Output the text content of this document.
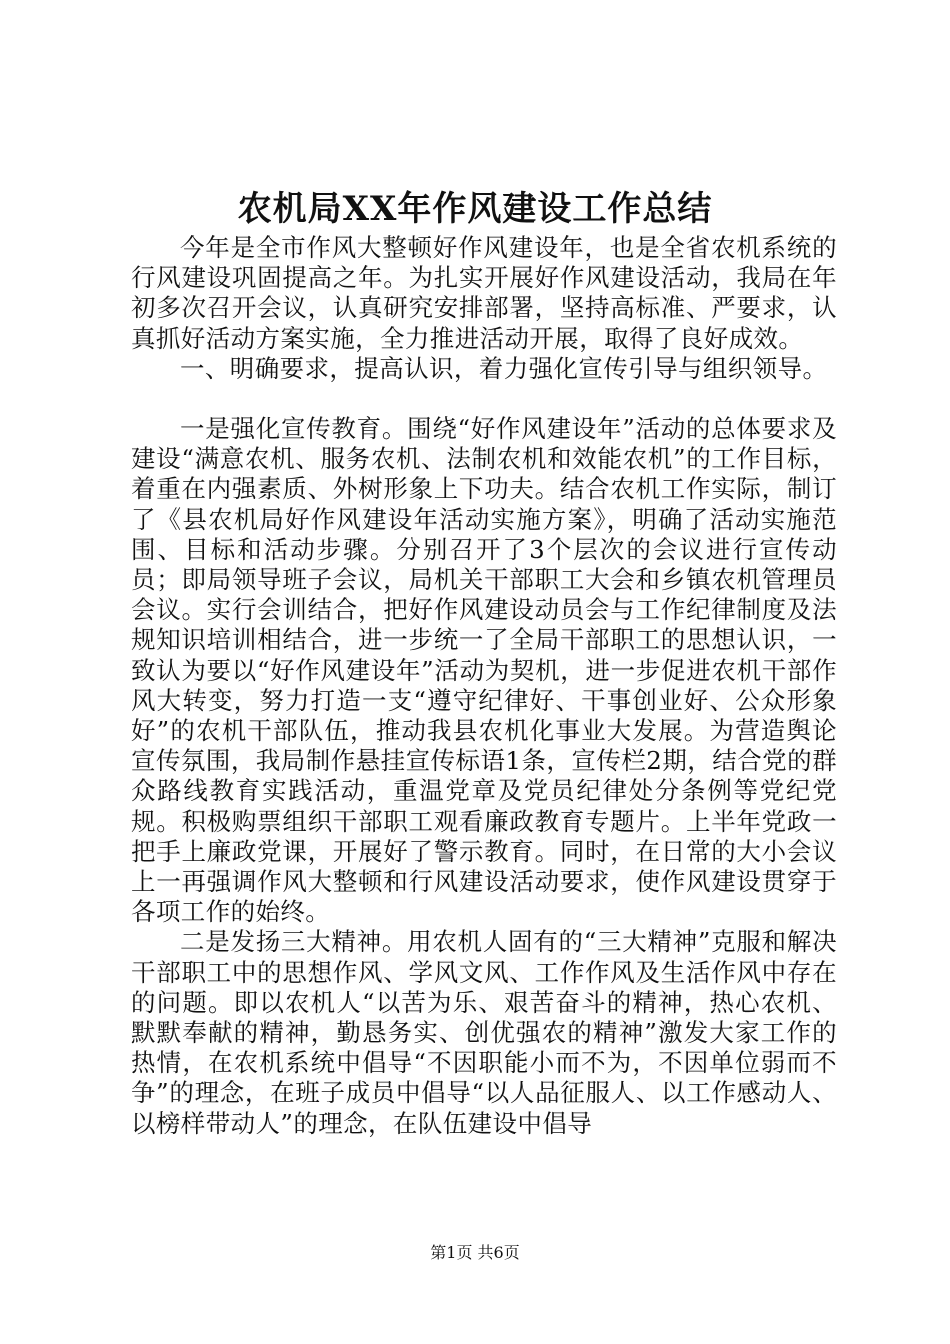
农机局XX年作风建设工作总结

今年是全市作风大整顿好作风建设年，也是全省农机系统的行风建设巩固提高之年。为扎实开展好作风建设活动，我局在年初多次召开会议，认真研究安排部署，坚持高标准、严要求，认真抓好活动方案实施，全力推进活动开展，取得了良好成效。

一、明确要求，提高认识，着力强化宣传引导与组织领导。

一是强化宣传教育。围绕“好作风建设年”活动的总体要求及建设“满意农机、服务农机、法制农机和效能农机”的工作目标，着重在内强素质、外树形象上下功夫。结合农机工作实际，制订了《县农机局好作风建设年活动实施方案》，明确了活动实施范围、目标和活动步骤。分别召开了3个层次的会议进行宣传动员；即局领导班子会议，局机关干部职工大会和乡镇农机管理员会议。实行会训结合，把好作风建设动员会与工作纪律制度及法规知识培训相结合，进一步统一了全局干部职工的思想认识，一致认为要以“好作风建设年”活动为契机，进一步促进农机干部作风大转变，努力打造一支“遵守纪律好、干事创业好、公众形象好”的农机干部队伍，推动我县农机化事业大发展。为营造舆论宣传氛围，我局制作悬挂宣传标语1条，宣传栏2期，结合党的群众路线教育实践活动，重温党章及党员纪律处分条例等党纪党规。积极购票组织干部职工观看廉政教育专题片。上半年党政一把手上廉政党课，开展好了警示教育。同时，在日常的大小会议上一再强调作风大整顿和行风建设活动要求，使作风建设贯穿于各项工作的始终。

二是发扬三大精神。用农机人固有的“三大精神”克服和解决干部职工中的思想作风、学风文风、工作作风及生活作风中存在的问题。即以农机人“以苦为乐、艰苦奋斗的精神，热心农机、默默奉献的精神，勤恳务实、创优强农的精神”激发大家工作的热情，在农机系统中倡导“不因职能小而不为，不因单位弱而不争”的理念，在班子成员中倡导“以人品征服人、以工作感动人、以榜样带动人”的理念，在队伍建设中倡导

第1页 共6页
